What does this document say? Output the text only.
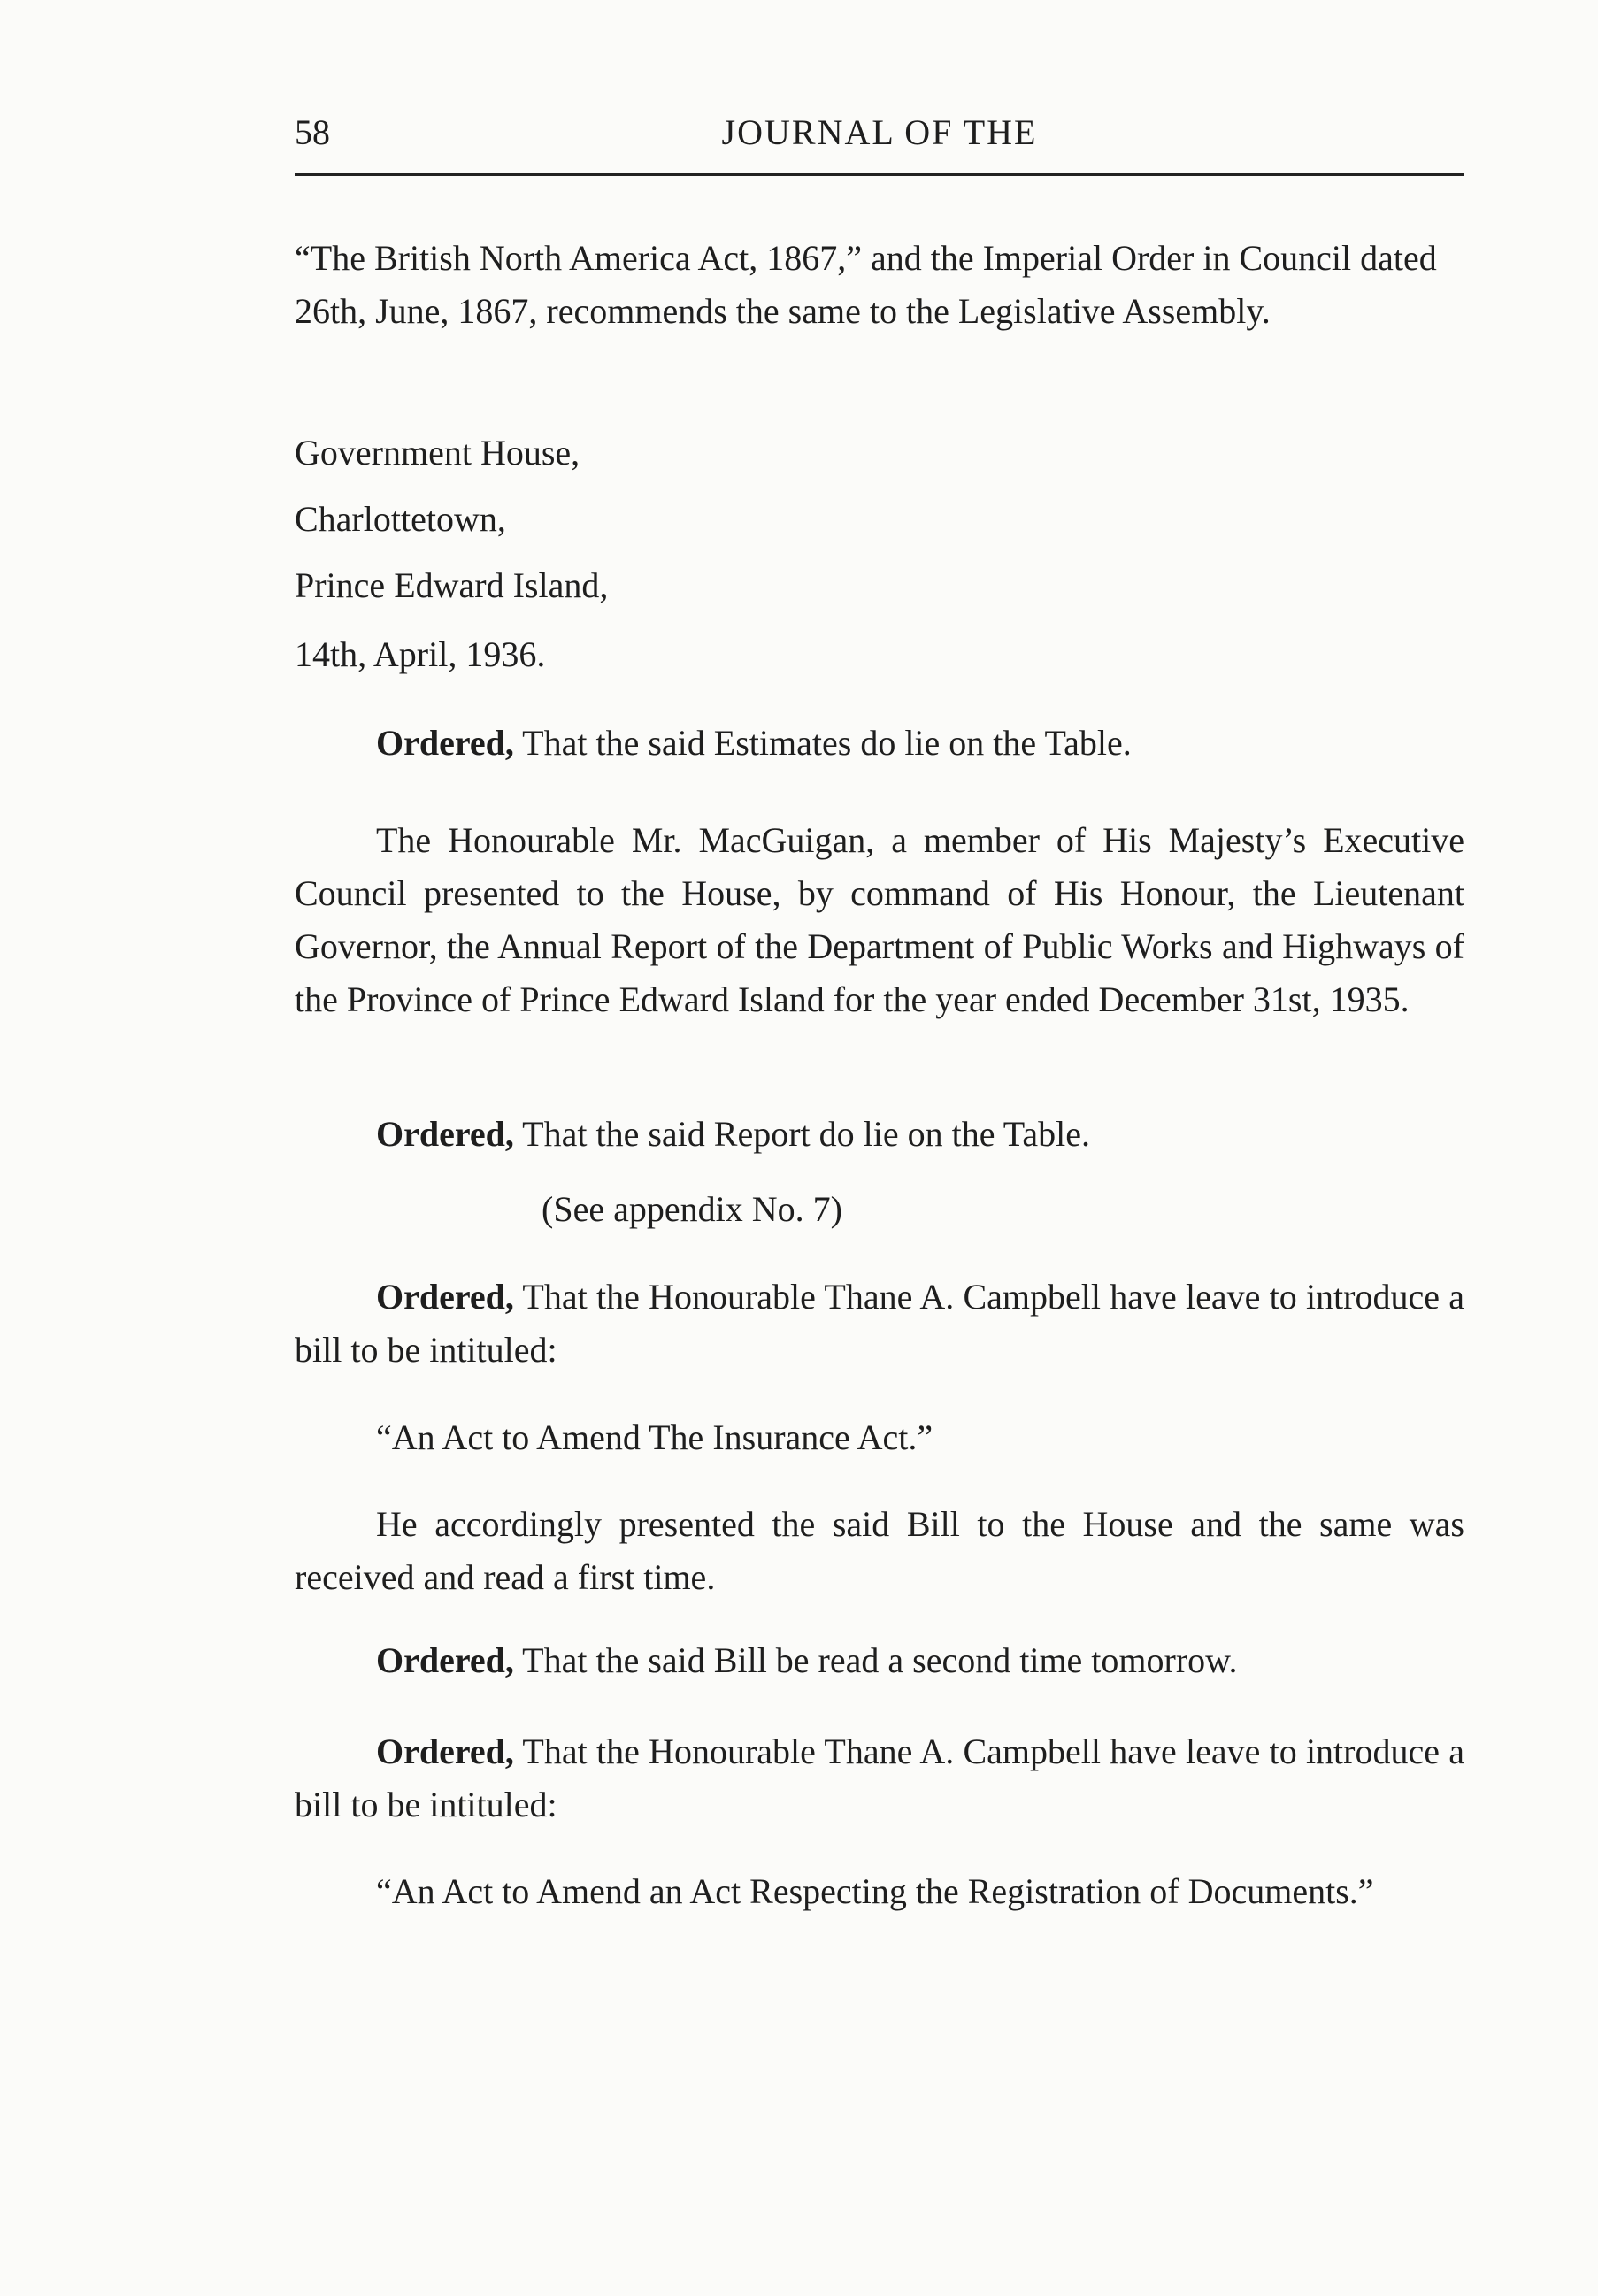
58	JOURNAL OF THE
“The British North America Act, 1867,” and the Imperial Order in Council dated 26th, June, 1867, recommends the same to the Legislative Assembly.
Government House,
Charlottetown,
Prince Edward Island,
14th, April, 1936.
Ordered, That the said Estimates do lie on the Table.
The Honourable Mr. MacGuigan, a member of His Majesty’s Executive Council presented to the House, by command of His Honour, the Lieutenant Governor, the Annual Report of the Department of Public Works and Highways of the Province of Prince Edward Island for the year ended December 31st, 1935.
Ordered, That the said Report do lie on the Table.
(See appendix No. 7)
Ordered, That the Honourable Thane A. Campbell have leave to introduce a bill to be intituled:
“An Act to Amend The Insurance Act.”
He accordingly presented the said Bill to the House and the same was received and read a first time.
Ordered, That the said Bill be read a second time tomorrow.
Ordered, That the Honourable Thane A. Campbell have leave to introduce a bill to be intituled:
“An Act to Amend an Act Respecting the Registration of Documents.”
